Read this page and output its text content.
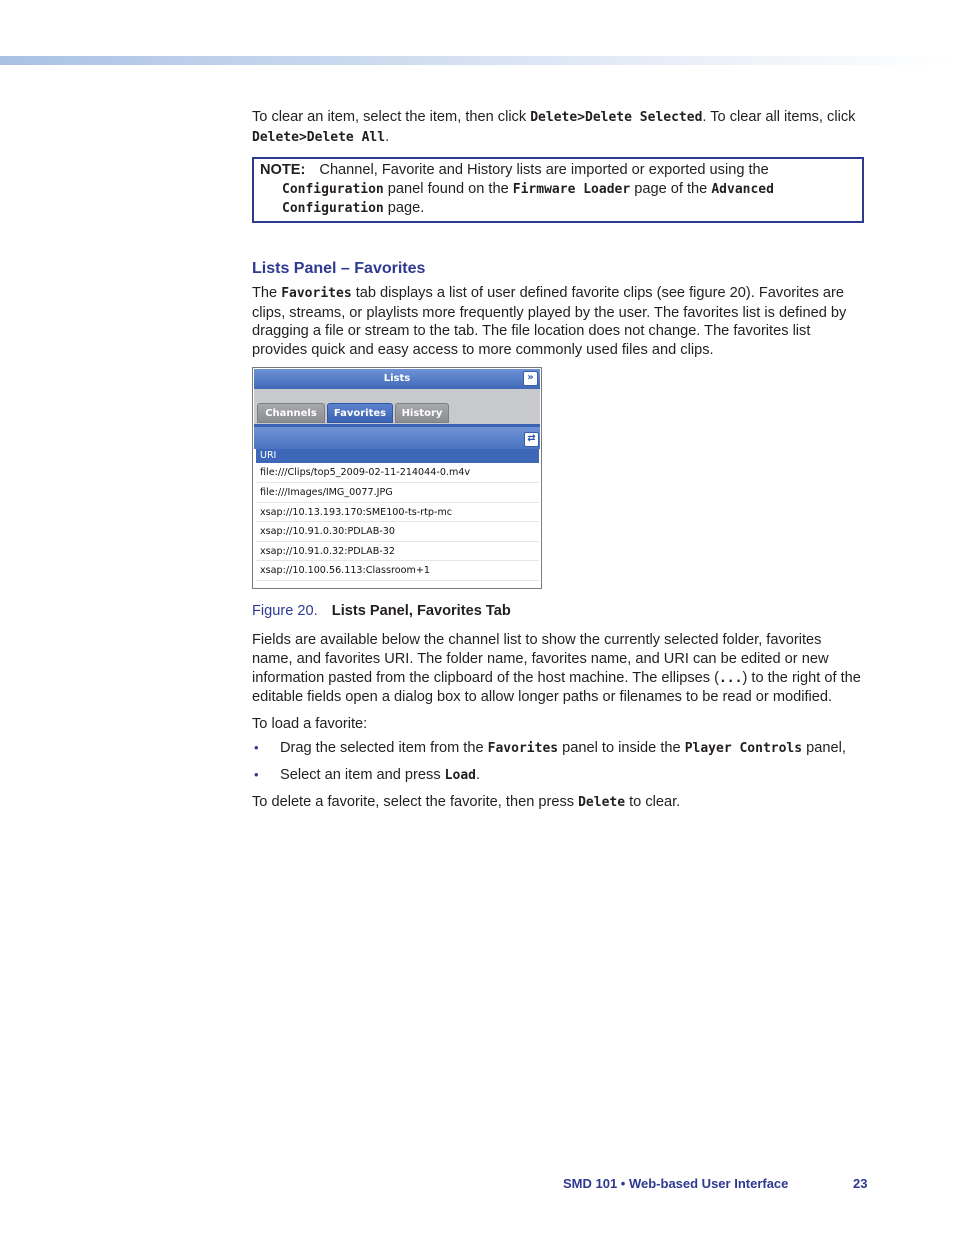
To clear an item, select the item, then click Delete>Delete Selected. To clear all items, click Delete>Delete All.

NOTE: Channel, Favorite and History lists are imported or exported using the
Configuration panel found on the Firmware Loader page of the Advanced Configuration page.
Lists Panel – Favorites

The Favorites tab displays a list of user defined favorite clips (see figure 20). Favorites are clips, streams, or playlists more frequently played by the user. The favorites list is defined by dragging a file or stream to the tab. The file location does not change. The favorites list provides quick and easy access to more commonly used files and clips.

Lists	»
Channels	Favorites	History
⇄
URI
file:///Clips/top5_2009-02-11-214044-0.m4v
file:///Images/IMG_0077.JPG
xsap://10.13.193.170:SME100-ts-rtp-mc
xsap://10.91.0.30:PDLAB-30
xsap://10.91.0.32:PDLAB-32
xsap://10.100.56.113:Classroom+1
Figure 20. Lists Panel, Favorites Tab

Fields are available below the channel list to show the currently selected folder, favorites name, and favorites URI. The folder name, favorites name, and URI can be edited or new information pasted from the clipboard of the host machine. The ellipses (...) to the right of the editable fields open a dialog box to allow longer paths or filenames to be read or modified.

To load a favorite:

• Drag the selected item from the Favorites panel to inside the Player Controls panel,
• Select an item and press Load.

To delete a favorite, select the favorite, then press Delete to clear.

SMD 101 • Web-based User Interface	23
